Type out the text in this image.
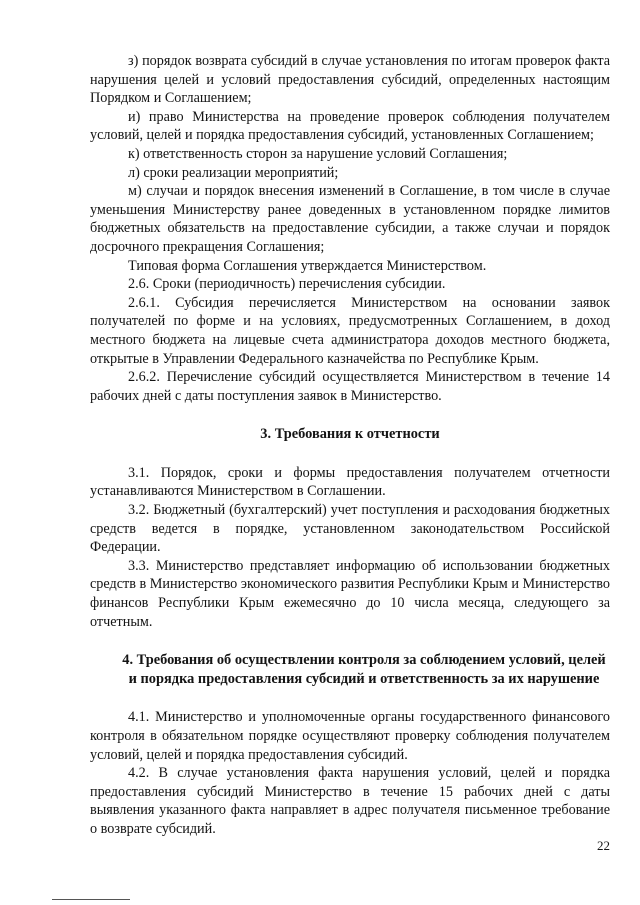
з) порядок возврата субсидий в случае установления по итогам проверок факта нарушения целей и условий предоставления субсидий, определенных настоящим Порядком и Соглашением;

и) право Министерства на проведение проверок соблюдения получателем условий, целей и порядка предоставления субсидий, установленных Соглашением;

к) ответственность сторон за нарушение условий Соглашения;

л) сроки реализации мероприятий;

м) случаи и порядок внесения изменений в Соглашение, в том числе в случае уменьшения Министерству ранее доведенных в установленном порядке лимитов бюджетных обязательств на предоставление субсидии, а также случаи и порядок досрочного прекращения Соглашения;

Типовая форма Соглашения утверждается Министерством.

2.6. Сроки (периодичность) перечисления субсидии.

2.6.1. Субсидия перечисляется Министерством на основании заявок получателей по форме и на условиях, предусмотренных Соглашением, в доход местного бюджета на лицевые счета администратора доходов местного бюджета, открытые в Управлении Федерального казначейства по Республике Крым.

2.6.2. Перечисление субсидий осуществляется Министерством в течение 14 рабочих дней с даты поступления заявок в Министерство.

3. Требования к отчетности

3.1. Порядок, сроки и формы предоставления получателем отчетности устанавливаются Министерством в Соглашении.

3.2. Бюджетный (бухгалтерский) учет поступления и расходования бюджетных средств ведется в порядке, установленном законодательством Российской Федерации.

3.3. Министерство представляет информацию об использовании бюджетных средств в Министерство экономического развития Республики Крым и Министерство финансов Республики Крым ежемесячно до 10 числа месяца, следующего за отчетным.

4. Требования об осуществлении контроля за соблюдением условий, целей и порядка предоставления субсидий и ответственность за их нарушение

4.1. Министерство и уполномоченные органы государственного финансового контроля в обязательном порядке осуществляют проверку соблюдения получателем условий, целей и порядка предоставления субсидий.

4.2. В случае установления факта нарушения условий, целей и порядка предоставления субсидий Министерство в течение 15 рабочих дней с даты выявления указанного факта направляет в адрес получателя письменное требование о возврате субсидий.

22
